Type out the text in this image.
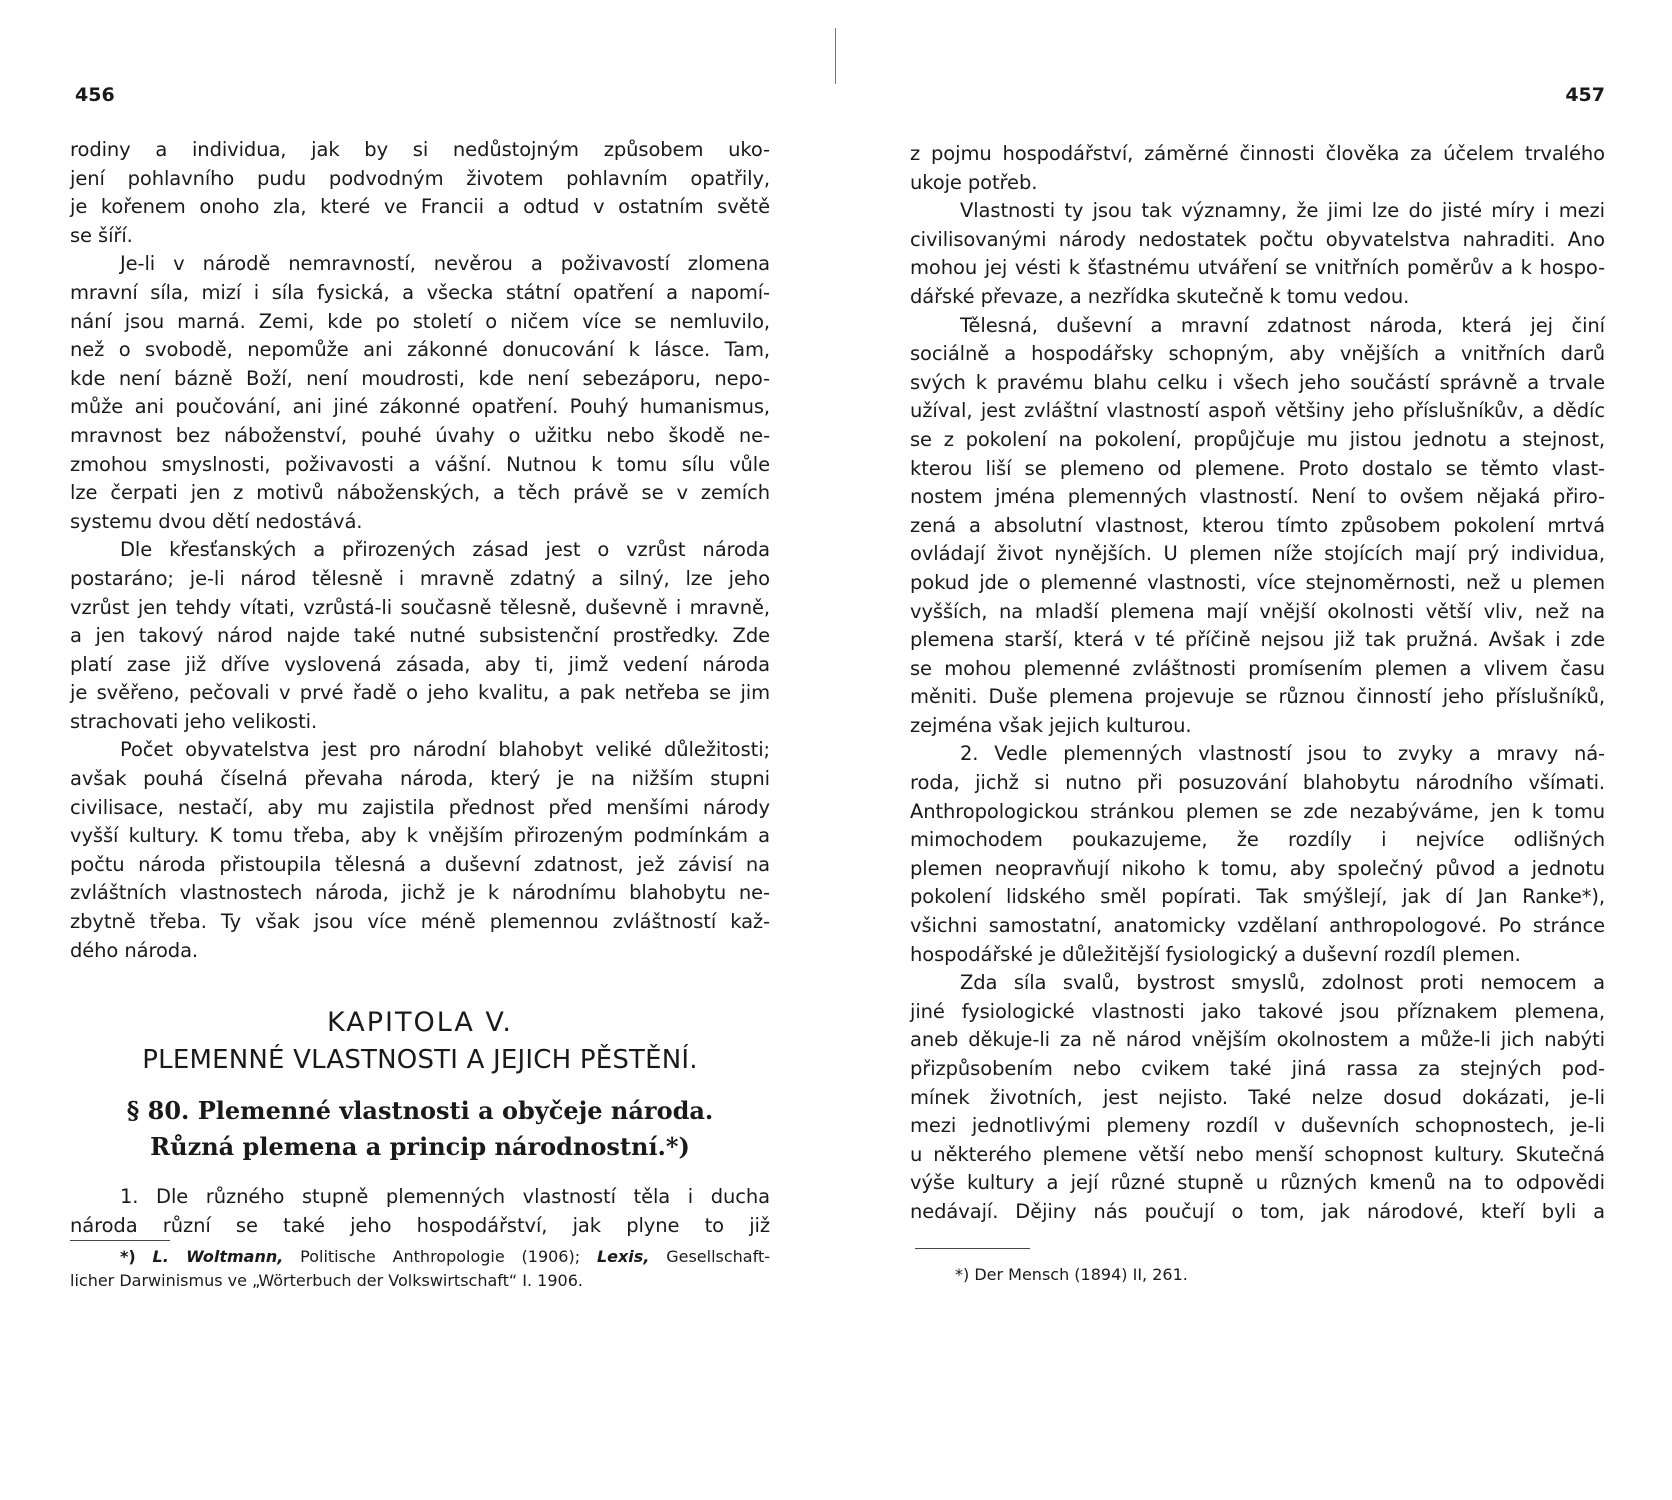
456
rodiny a individua, jak by si nedůstojným způsobem uko-
jení pohlavního pudu podvodným životem pohlavním opatřily,
je kořenem onoho zla, které ve Francii a odtud v ostatním světě
se šíří.
Je-li v národě nemravností, nevěrou a poživavostí zlomena
mravní síla, mizí i síla fysická, a všecka státní opatření a napomí-
nání jsou marná. Zemi, kde po století o ničem více se nemluvilo,
než o svobodě, nepomůže ani zákonné donucování k lásce. Tam,
kde není bázně Boží, není moudrosti, kde není sebezáporu, nepo-
může ani poučování, ani jiné zákonné opatření. Pouhý humanismus,
mravnost bez náboženství, pouhé úvahy o užitku nebo škodě ne-
zmohou smyslnosti, poživavosti a vášní. Nutnou k tomu sílu vůle
lze čerpati jen z motivů náboženských, a těch právě se v zemích
systemu dvou dětí nedostává.
Dle křesťanských a přirozených zásad jest o vzrůst národa
postaráno; je-li národ tělesně i mravně zdatný a silný, lze jeho
vzrůst jen tehdy vítati, vzrůstá-li současně tělesně, duševně i mravně,
a jen takový národ najde také nutné subsistenční prostředky. Zde
platí zase již dříve vyslovená zásada, aby ti, jimž vedení národa
je svěřeno, pečovali v prvé řadě o jeho kvalitu, a pak netřeba se jim
strachovati jeho velikosti.
Počet obyvatelstva jest pro národní blahobyt veliké důležitosti;
avšak pouhá číselná převaha národa, který je na nižším stupni
civilisace, nestačí, aby mu zajistila přednost před menšími národy
vyšší kultury. K tomu třeba, aby k vnějším přirozeným podmínkám a
počtu národa přistoupila tělesná a duševní zdatnost, jež závisí na
zvláštních vlastnostech národa, jichž je k národnímu blahobytu ne-
zbytně třeba. Ty však jsou více méně plemennou zvláštností kaž-
dého národa.
KAPITOLA V.
PLEMENNÉ VLASTNOSTI A JEJICH PĚSTĚNÍ.
§ 80. Plemenné vlastnosti a obyčeje národa.
Různá plemena a princip národnostní.*)
1. Dle různého stupně plemenných vlastností těla i ducha
národa různí se také jeho hospodářství, jak plyne to již
*) L. Woltmann, Politische Anthropologie (1906); Lexis, Gesellschaft-
licher Darwinismus ve „Wörterbuch der Volkswirtschaft“ I. 1906.
457
z pojmu hospodářství, záměrné činnosti člověka za účelem trvalého
ukoje potřeb.
Vlastnosti ty jsou tak významny, že jimi lze do jisté míry i mezi
civilisovanými národy nedostatek počtu obyvatelstva nahraditi. Ano
mohou jej vésti k šťastnému utváření se vnitřních poměrův a k hospo-
dářské převaze, a nezřídka skutečně k tomu vedou.
Tělesná, duševní a mravní zdatnost národa, která jej činí
sociálně a hospodářsky schopným, aby vnějších a vnitřních darů
svých k pravému blahu celku i všech jeho součástí správně a trvale
užíval, jest zvláštní vlastností aspoň většiny jeho příslušníkův, a dědíc
se z pokolení na pokolení, propůjčuje mu jistou jednotu a stejnost,
kterou liší se plemeno od plemene. Proto dostalo se těmto vlast-
nostem jména plemenných vlastností. Není to ovšem nějaká přiro-
zená a absolutní vlastnost, kterou tímto způsobem pokolení mrtvá
ovládají život nynějších. U plemen níže stojících mají prý individua,
pokud jde o plemenné vlastnosti, více stejnoměrnosti, než u plemen
vyšších, na mladší plemena mají vnější okolnosti větší vliv, než na
plemena starší, která v té příčině nejsou již tak pružná. Avšak i zde
se mohou plemenné zvláštnosti promísením plemen a vlivem času
měniti. Duše plemena projevuje se různou činností jeho příslušníků,
zejména však jejich kulturou.
2. Vedle plemenných vlastností jsou to zvyky a mravy ná-
roda, jichž si nutno při posuzování blahobytu národního všímati.
Anthropologickou stránkou plemen se zde nezabýváme, jen k tomu
mimochodem poukazujeme, že rozdíly i nejvíce odlišných
plemen neopravňují nikoho k tomu, aby společný původ a jednotu
pokolení lidského směl popírati. Tak smýšlejí, jak dí Jan Ranke*),
všichni samostatní, anatomicky vzdělaní anthropologové. Po stránce
hospodářské je důležitější fysiologický a duševní rozdíl plemen.
Zda síla svalů, bystrost smyslů, zdolnost proti nemocem a
jiné fysiologické vlastnosti jako takové jsou příznakem plemena,
aneb děkuje-li za ně národ vnějším okolnostem a může-li jich nabýti
přizpůsobením nebo cvikem také jiná rassa za stejných pod-
mínek životních, jest nejisto. Také nelze dosud dokázati, je-li
mezi jednotlivými plemeny rozdíl v duševních schopnostech, je-li
u některého plemene větší nebo menší schopnost kultury. Skutečná
výše kultury a její různé stupně u různých kmenů na to odpovědi
nedávají. Dějiny nás poučují o tom, jak národové, kteří byli a
*) Der Mensch (1894) II, 261.
